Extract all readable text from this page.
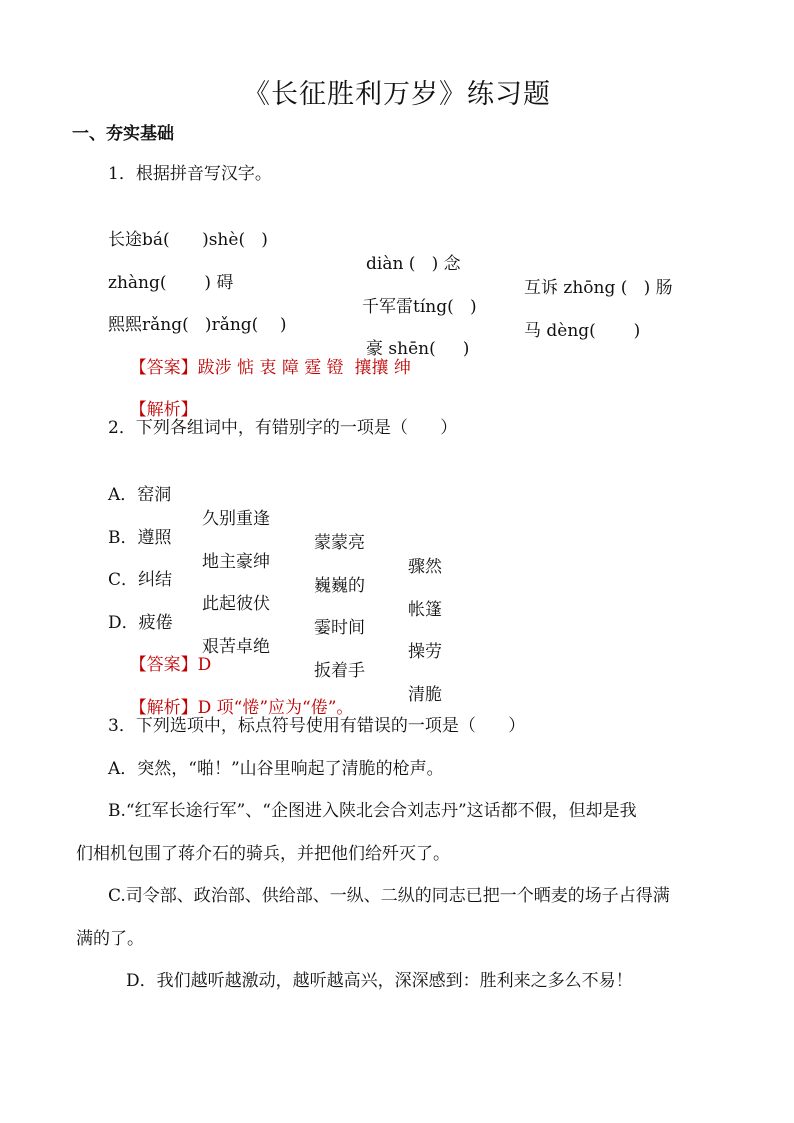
《长征胜利万岁》练习题
一、夯实基础
1．根据拼音写汉字。

长途bá(      )shè(   )

diàn (   ) 念

互诉 zhōng (   ) 肠

zhàng(       ) 碍

千军雷tíng(   )

马 dèng(       )

熙熙rǎng(   )rǎng(    )

豪 shēn(     )

【答案】跋涉 惦 衷 障 霆 镫  攘攘 绅

【解析】

2．下列各组词中，有错别字的一项是（      ）

A．窑洞

久别重逢

蒙蒙亮

骤然

B．遵照

地主豪绅

巍巍的

帐篷

C．纠结

此起彼伏

霎时间

操劳

D．疲倦

艰苦卓绝

扳着手

清脆

【答案】D

【解析】D 项“惓”应为“倦”。

3．下列选项中，标点符号使用有错误的一项是（      ）
A．突然，“啪！”山谷里响起了清脆的枪声。
B.“红军长途行军”、“企图进入陕北会合刘志丹”这话都不假，但却是我
们相机包围了蒋介石的骑兵，并把他们给歼灭了。
C.司令部、政治部、供给部、一纵、二纵的同志已把一个晒麦的场子占得满
满的了。
D．我们越听越激动，越听越高兴，深深感到：胜利来之多么不易！
